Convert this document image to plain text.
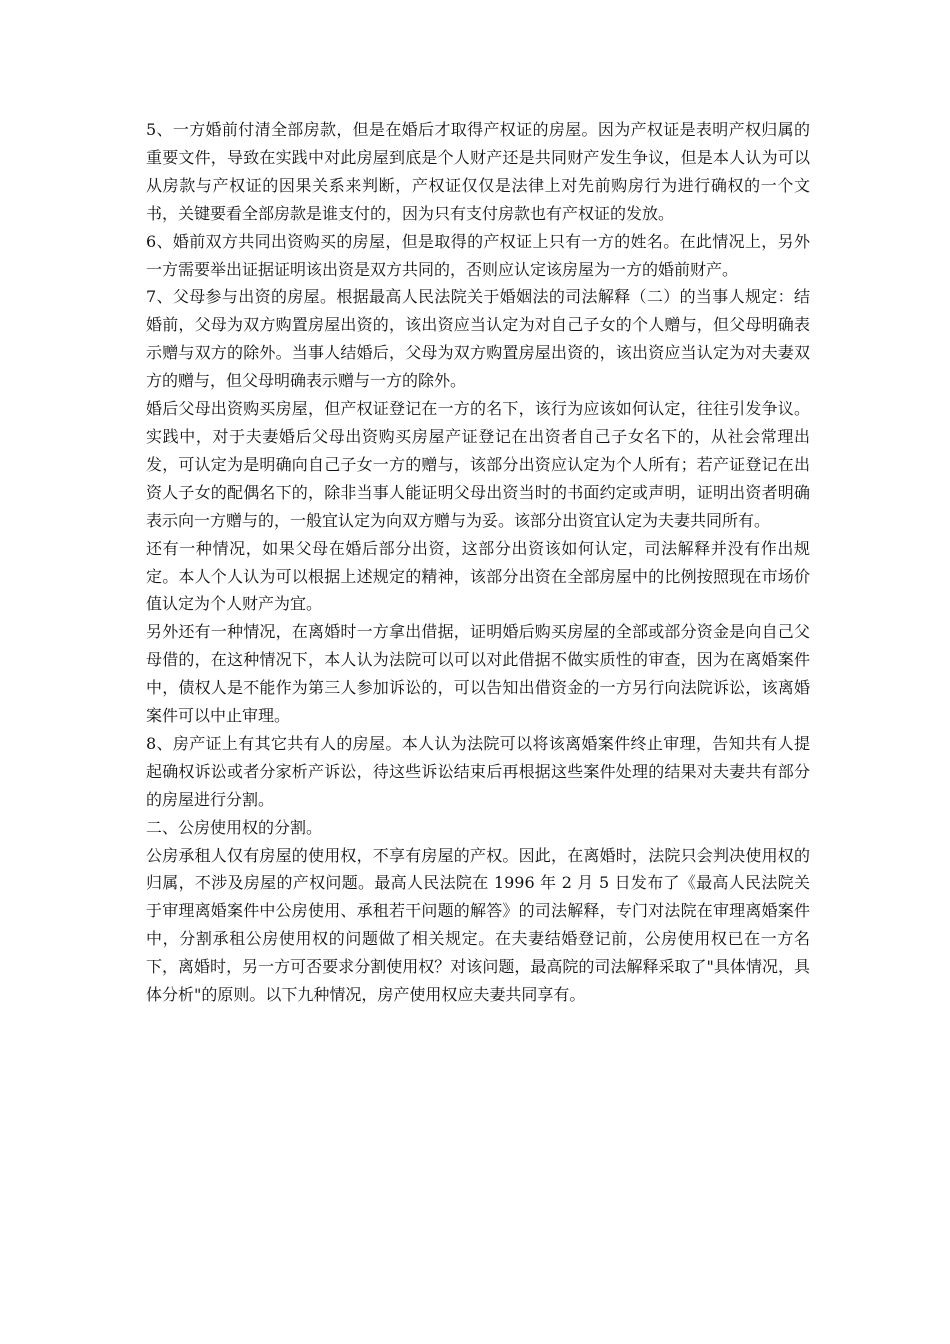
5、一方婚前付清全部房款，但是在婚后才取得产权证的房屋。因为产权证是表明产权归属的重要文件，导致在实践中对此房屋到底是个人财产还是共同财产发生争议，但是本人认为可以从房款与产权证的因果关系来判断，产权证仅仅是法律上对先前购房行为进行确权的一个文书，关键要看全部房款是谁支付的，因为只有支付房款也有产权证的发放。

6、婚前双方共同出资购买的房屋，但是取得的产权证上只有一方的姓名。在此情况上，另外一方需要举出证据证明该出资是双方共同的，否则应认定该房屋为一方的婚前财产。

7、父母参与出资的房屋。根据最高人民法院关于婚姻法的司法解释（二）的当事人规定：结婚前，父母为双方购置房屋出资的，该出资应当认定为对自己子女的个人赠与，但父母明确表示赠与双方的除外。当事人结婚后，父母为双方购置房屋出资的，该出资应当认定为对夫妻双方的赠与，但父母明确表示赠与一方的除外。

婚后父母出资购买房屋，但产权证登记在一方的名下，该行为应该如何认定，往往引发争议。实践中，对于夫妻婚后父母出资购买房屋产证登记在出资者自己子女名下的，从社会常理出发，可认定为是明确向自己子女一方的赠与，该部分出资应认定为个人所有；若产证登记在出资人子女的配偶名下的，除非当事人能证明父母出资当时的书面约定或声明，证明出资者明确表示向一方赠与的，一般宜认定为向双方赠与为妥。该部分出资宜认定为夫妻共同所有。

还有一种情况，如果父母在婚后部分出资，这部分出资该如何认定，司法解释并没有作出规定。本人个人认为可以根据上述规定的精神，该部分出资在全部房屋中的比例按照现在市场价值认定为个人财产为宜。

另外还有一种情况，在离婚时一方拿出借据，证明婚后购买房屋的全部或部分资金是向自己父母借的，在这种情况下，本人认为法院可以可以对此借据不做实质性的审查，因为在离婚案件中，债权人是不能作为第三人参加诉讼的，可以告知出借资金的一方另行向法院诉讼，该离婚案件可以中止审理。

8、房产证上有其它共有人的房屋。本人认为法院可以将该离婚案件终止审理，告知共有人提起确权诉讼或者分家析产诉讼，待这些诉讼结束后再根据这些案件处理的结果对夫妻共有部分的房屋进行分割。

二、公房使用权的分割。

公房承租人仅有房屋的使用权，不享有房屋的产权。因此，在离婚时，法院只会判决使用权的归属，不涉及房屋的产权问题。最高人民法院在 1996 年 2 月 5 日发布了《最高人民法院关于审理离婚案件中公房使用、承租若干问题的解答》的司法解释，专门对法院在审理离婚案件中，分割承租公房使用权的问题做了相关规定。在夫妻结婚登记前，公房使用权已在一方名下，离婚时，另一方可否要求分割使用权？对该问题，最高院的司法解释采取了"具体情况，具体分析"的原则。以下九种情况，房产使用权应夫妻共同享有。
